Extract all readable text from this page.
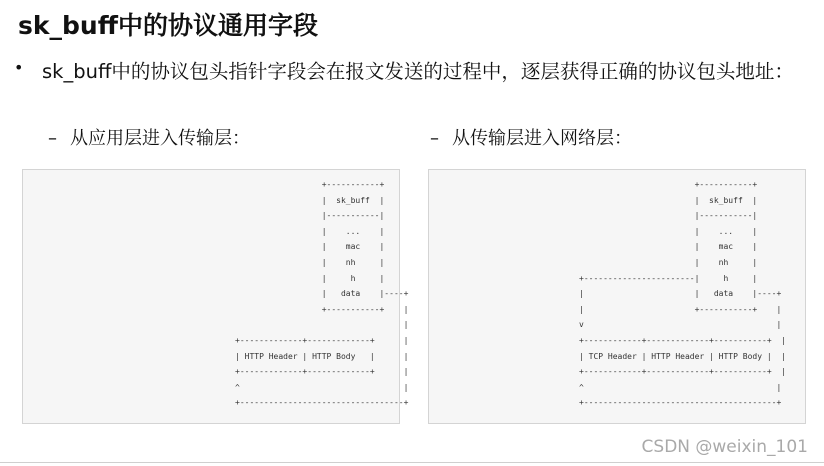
sk_buff中的协议通用字段
• sk_buff中的协议包头指针字段会在报文发送的过程中，逐层获得正确的协议包头地址：
– 从应用层进入传输层：	– 从传输层进入网络层：
+-----------+
|  sk_buff  |
|-----------|
|    ...    |
|    mac    |
|    nh     |
|     h     |
|   data    |----+
+-----------+    |
|
+-------------+-------------+      |
| HTTP Header | HTTP Body   |      |
+-------------+-------------+      |
^                                  |
+----------------------------------+
+-----------+
|  sk_buff  |
|-----------|
|    ...    |
|    mac    |
|    nh     |
+-----------------------|     h     |
|                       |   data    |----+
|                       +-----------+    |
v                                        |
+------------+-------------+-----------+  |
| TCP Header | HTTP Header | HTTP Body |  |
+------------+-------------+-----------+  |
^                                        |
+----------------------------------------+
CSDN @weixin_101
